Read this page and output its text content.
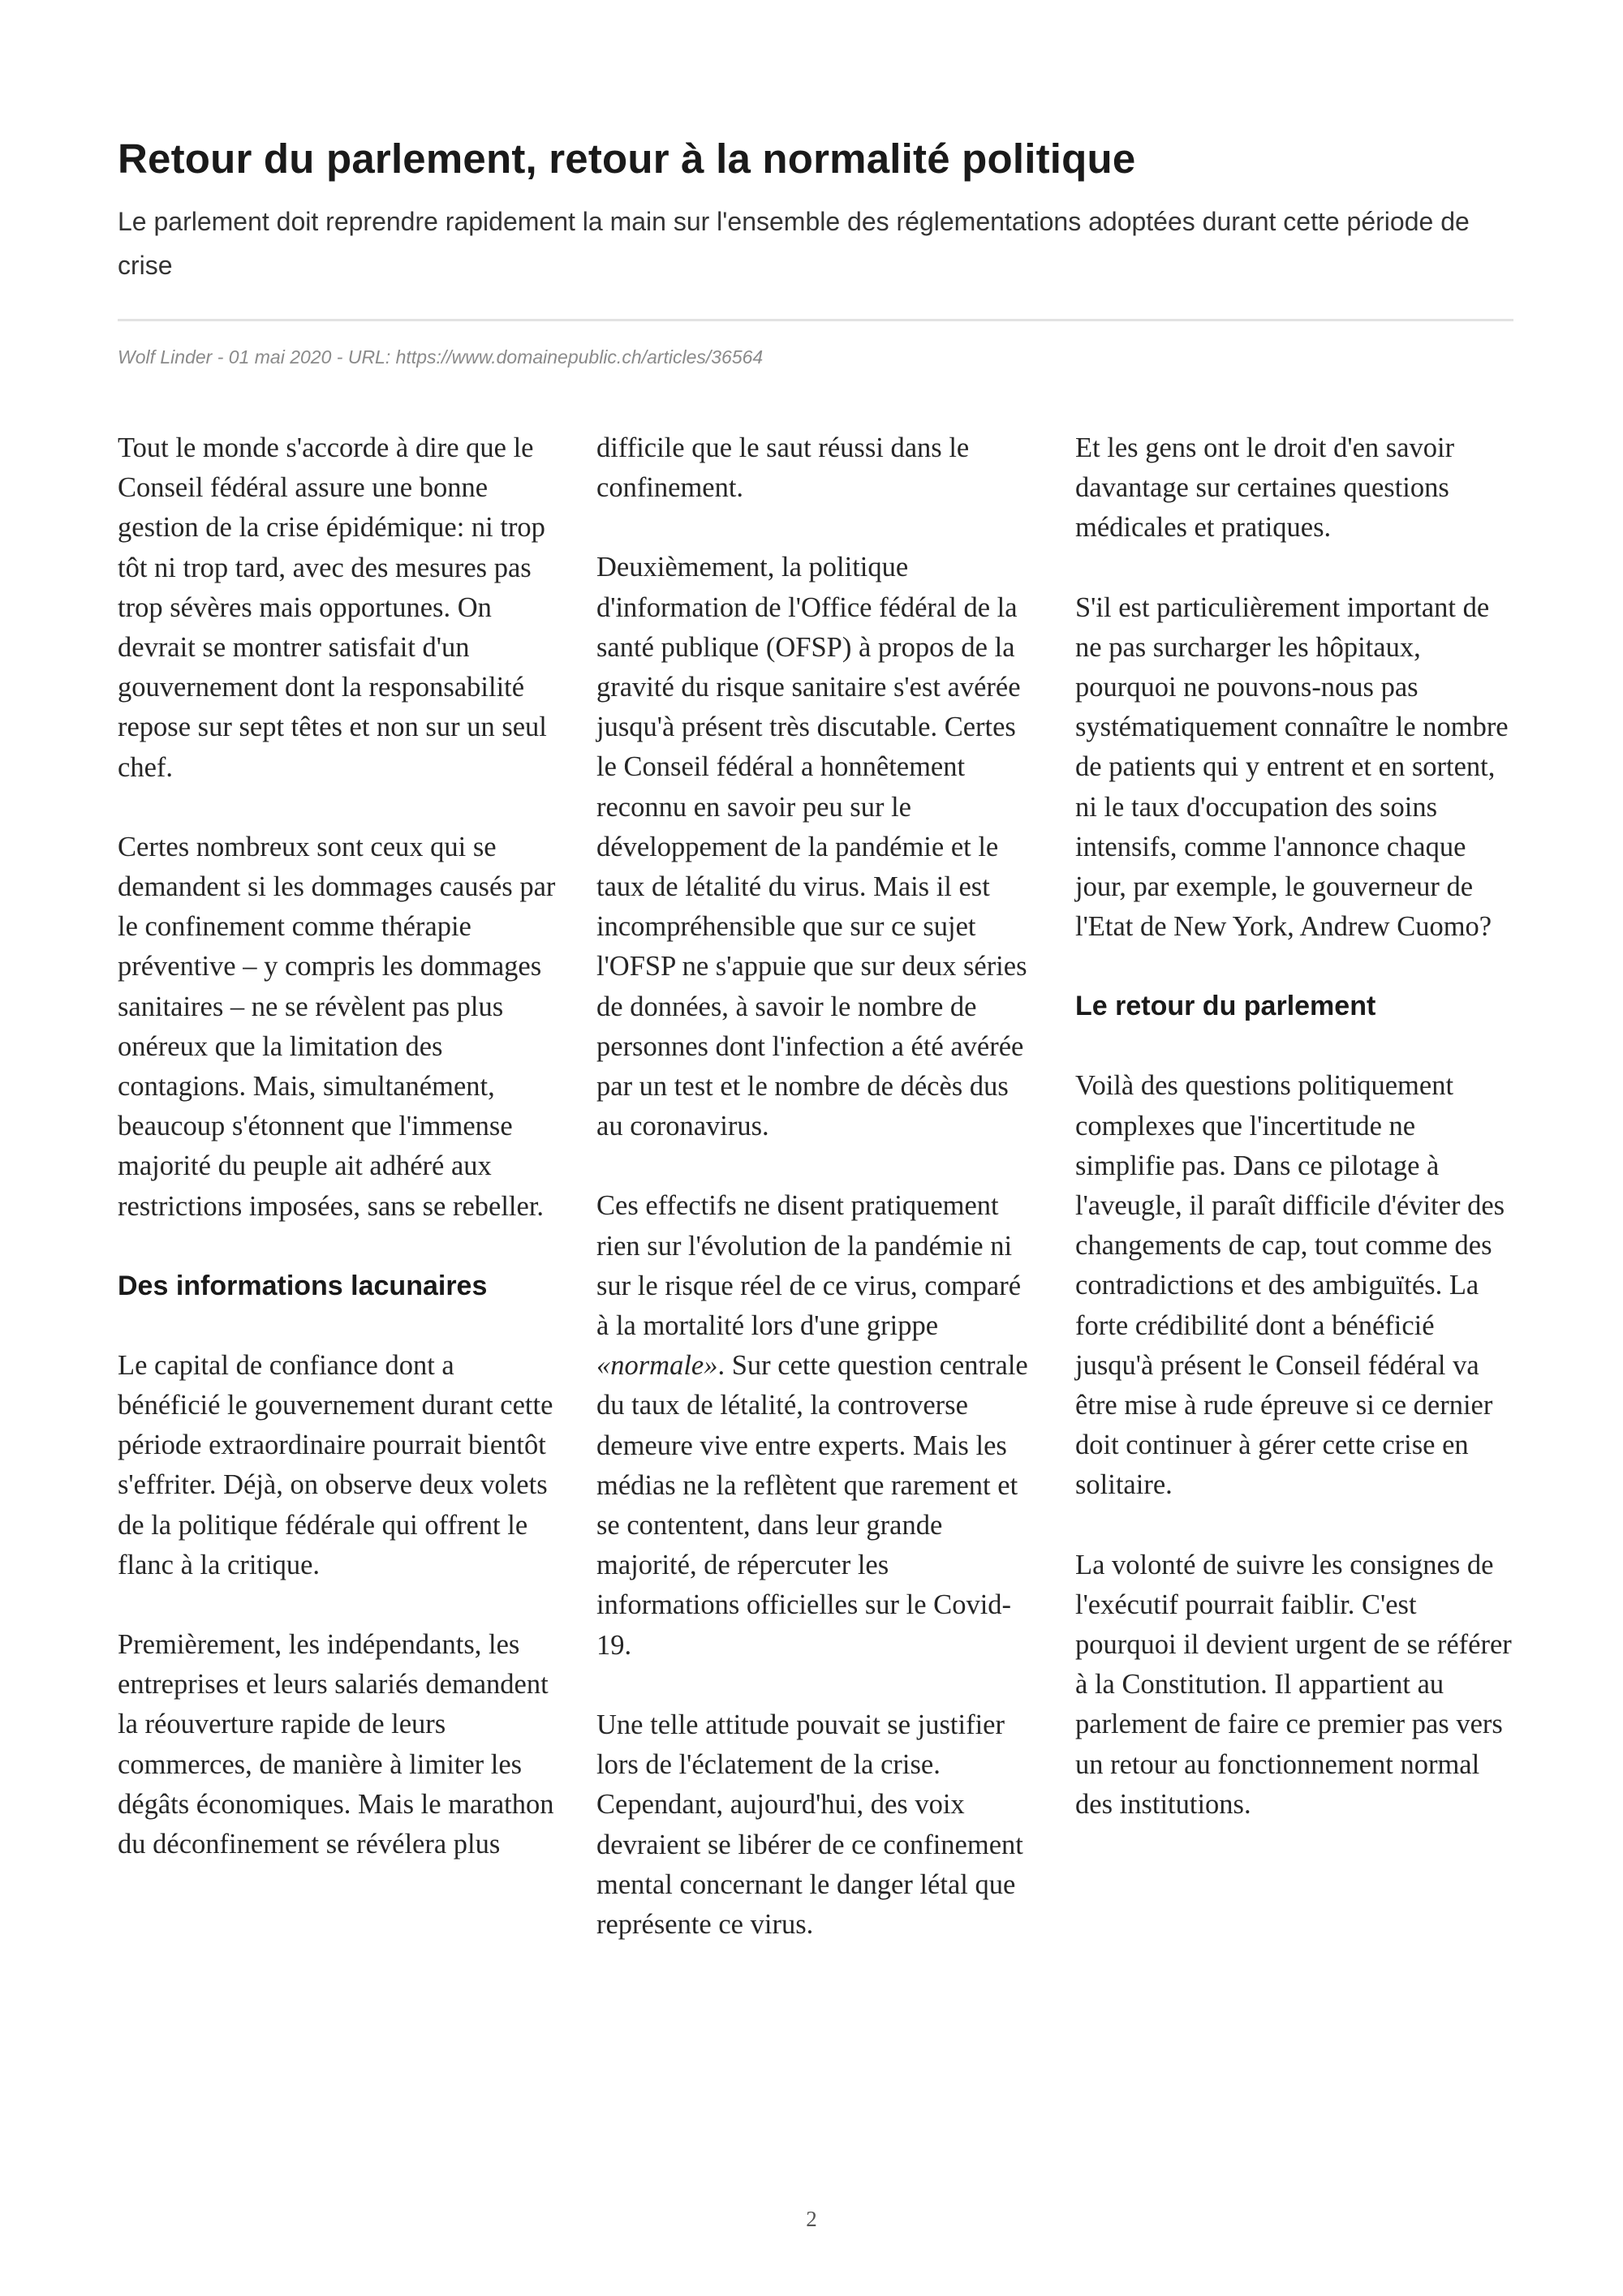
Retour du parlement, retour à la normalité politique

Le parlement doit reprendre rapidement la main sur l'ensemble des réglementations adoptées durant cette période de crise

Wolf Linder - 01 mai 2020 - URL: https://www.domainepublic.ch/articles/36564

Tout le monde s'accorde à dire que le Conseil fédéral assure une bonne gestion de la crise épidémique: ni trop tôt ni trop tard, avec des mesures pas trop sévères mais opportunes. On devrait se montrer satisfait d'un gouvernement dont la responsabilité repose sur sept têtes et non sur un seul chef.

Certes nombreux sont ceux qui se demandent si les dommages causés par le confinement comme thérapie préventive – y compris les dommages sanitaires – ne se révèlent pas plus onéreux que la limitation des contagions. Mais, simultanément, beaucoup s'étonnent que l'immense majorité du peuple ait adhéré aux restrictions imposées, sans se rebeller.

Des informations lacunaires

Le capital de confiance dont a bénéficié le gouvernement durant cette période extraordinaire pourrait bientôt s'effriter. Déjà, on observe deux volets de la politique fédérale qui offrent le flanc à la critique.

Premièrement, les indépendants, les entreprises et leurs salariés demandent la réouverture rapide de leurs commerces, de manière à limiter les dégâts économiques. Mais le marathon du déconfinement se révélera plus

difficile que le saut réussi dans le confinement.

Deuxièmement, la politique d'information de l'Office fédéral de la santé publique (OFSP) à propos de la gravité du risque sanitaire s'est avérée jusqu'à présent très discutable. Certes le Conseil fédéral a honnêtement reconnu en savoir peu sur le développement de la pandémie et le taux de létalité du virus. Mais il est incompréhensible que sur ce sujet l'OFSP ne s'appuie que sur deux séries de données, à savoir le nombre de personnes dont l'infection a été avérée par un test et le nombre de décès dus au coronavirus.

Ces effectifs ne disent pratiquement rien sur l'évolution de la pandémie ni sur le risque réel de ce virus, comparé à la mortalité lors d'une grippe «normale». Sur cette question centrale du taux de létalité, la controverse demeure vive entre experts. Mais les médias ne la reflètent que rarement et se contentent, dans leur grande majorité, de répercuter les informations officielles sur le Covid-19.

Une telle attitude pouvait se justifier lors de l'éclatement de la crise. Cependant, aujourd'hui, des voix devraient se libérer de ce confinement mental concernant le danger létal que représente ce virus.

Et les gens ont le droit d'en savoir davantage sur certaines questions médicales et pratiques.

S'il est particulièrement important de ne pas surcharger les hôpitaux, pourquoi ne pouvons-nous pas systématiquement connaître le nombre de patients qui y entrent et en sortent, ni le taux d'occupation des soins intensifs, comme l'annonce chaque jour, par exemple, le gouverneur de l'Etat de New York, Andrew Cuomo?

Le retour du parlement

Voilà des questions politiquement complexes que l'incertitude ne simplifie pas. Dans ce pilotage à l'aveugle, il paraît difficile d'éviter des changements de cap, tout comme des contradictions et des ambiguïtés. La forte crédibilité dont a bénéficié jusqu'à présent le Conseil fédéral va être mise à rude épreuve si ce dernier doit continuer à gérer cette crise en solitaire.

La volonté de suivre les consignes de l'exécutif pourrait faiblir. C'est pourquoi il devient urgent de se référer à la Constitution. Il appartient au parlement de faire ce premier pas vers un retour au fonctionnement normal des institutions.

2
